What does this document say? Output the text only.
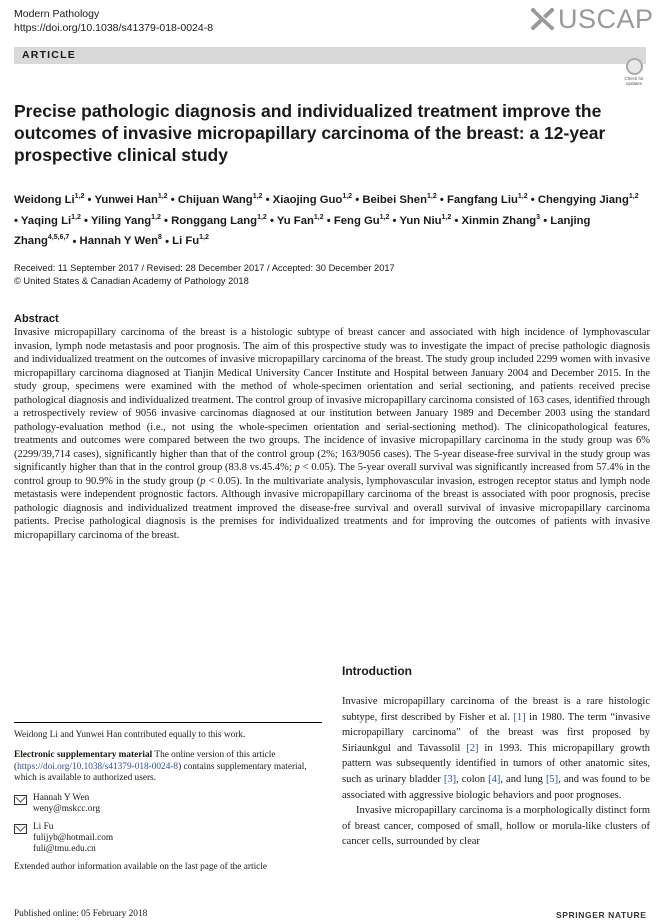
Modern Pathology
https://doi.org/10.1038/s41379-018-0024-8	USCAP
ARTICLE
Check for updates
Precise pathologic diagnosis and individualized treatment improve the outcomes of invasive micropapillary carcinoma of the breast: a 12-year prospective clinical study
Weidong Li$^{1,2}$ • Yunwei Han$^{1,2}$ • Chijuan Wang$^{1,2}$ • Xiaojing Guo$^{1,2}$ • Beibei Shen$^{1,2}$ • Fangfang Liu$^{1,2}$ • Chengying Jiang$^{1,2}$ • Yaqing Li$^{1,2}$ • Yiling Yang$^{1,2}$ • Ronggang Lang$^{1,2}$ • Yu Fan$^{1,2}$ • Feng Gu$^{1,2}$ • Yun Niu$^{1,2}$ • Xinmin Zhang$^3$ • Lanjing Zhang$^{4,5,6,7}$ • Hannah Y Wen$^8$ • Li Fu$^{1,2}$
Received: 11 September 2017 / Revised: 28 December 2017 / Accepted: 30 December 2017
© United States & Canadian Academy of Pathology 2018
Abstract
Invasive micropapillary carcinoma of the breast is a histologic subtype of breast cancer and associated with high incidence of lymphovascular invasion, lymph node metastasis and poor prognosis. The aim of this prospective study was to investigate the impact of precise pathologic diagnosis and individualized treatment on the outcomes of invasive micropapillary carcinoma of the breast. The study group included 2299 women with invasive micropapillary carcinoma diagnosed at Tianjin Medical University Cancer Institute and Hospital between January 2004 and December 2015. In the study group, specimens were examined with the method of whole-specimen orientation and serial sectioning, and patients received precise pathological diagnosis and individualized treatment. The control group of invasive micropapillary carcinoma consisted of 163 cases, identified through a retrospectively review of 9056 invasive carcinomas diagnosed at our institution between January 1989 and December 2003 using the standard pathology-evaluation method (i.e., not using the whole-specimen orientation and serial-sectioning method). The clinicopathological features, treatments and outcomes were compared between the two groups. The incidence of invasive micropapillary carcinoma in the study group was 6% (2299/39,714 cases), significantly higher than that of the control group (2%; 163/9056 cases). The 5-year disease-free survival in the study group was significantly higher than that in the control group (83.8 vs.45.4%; p < 0.05). The 5-year overall survival was significantly increased from 57.4% in the control group to 90.9% in the study group (p < 0.05). In the multivariate analysis, lymphovascular invasion, estrogen receptor status and lymph node metastasis were independent prognostic factors. Although invasive micropapillary carcinoma of the breast is associated with poor prognosis, precise pathologic diagnosis and individualized treatment improved the disease-free survival and overall survival of invasive micropapillary carcinoma patients. Precise pathological diagnosis is the premises for individualized treatments and for improving the outcomes of patients with invasive micropapillary carcinoma of the breast.
Introduction

Invasive micropapillary carcinoma of the breast is a rare histologic subtype, first described by Fisher et al. [1] in 1980. The term “invasive micropapillary carcinoma” of the breast was first proposed by Siriaunkgul and Tavassolil [2] in 1993. This micropapillary growth pattern was subsequently identified in tumors of other anatomic sites, such as urinary bladder [3], colon [4], and lung [5], and was found to be associated with aggressive biologic behaviors and poor prognoses.

Invasive micropapillary carcinoma is a morphologically distinct form of breast cancer, composed of small, hollow or morula-like clusters of cancer cells, surrounded by clear

Weidong Li and Yunwei Han contributed equally to this work.
Electronic supplementary material The online version of this article (https://doi.org/10.1038/s41379-018-0024-8) contains supplementary material, which is available to authorized users.
Hannah Y Wen
weny@mskcc.org
Li Fu
fulijyb@hotmail.com
fuli@tmu.edu.cn
Extended author information available on the last page of the article
Published online: 05 February 2018	SPRINGER NATURE
